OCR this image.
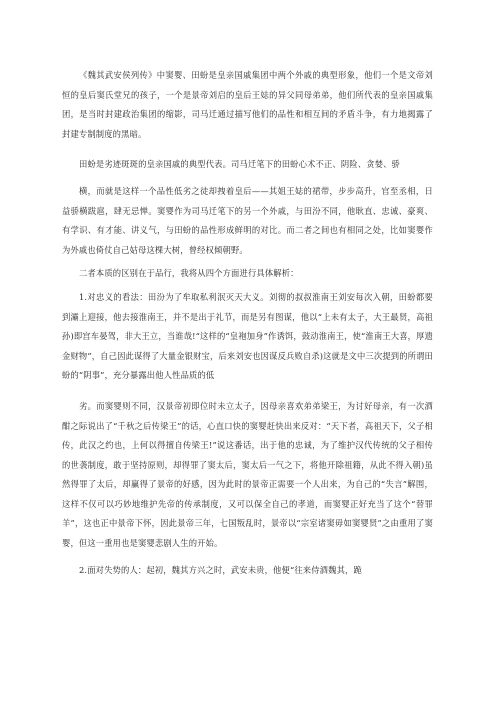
《魏其武安侯列传》中窦婴、田蚡是皇亲国戚集团中两个外戚的典型形象，他们一个是文帝刘恒的皇后窦氏堂兄的孩子，一个是景帝刘启的皇后王娡的异父同母弟弟，他们所代表的皇亲国戚集团，是当时封建政治集团的缩影，司马迁通过描写他们的品性和相互间的矛盾斗争，有力地揭露了封建专制制度的黑暗。

田蚡是劣迹斑斑的皇亲国戚的典型代表。司马迁笔下的田蚡心术不正、阴险、贪婪、骄

横，而就是这样一个品性低劣之徒却拽着皇后——其姐王娡的裙带，步步高升，官至丞相，日益骄横跋扈，肆无忌惮。窦婴作为司马迁笔下的另一个外戚，与田汾不同，他耿直、忠诚、豪爽、有学识、有才能、讲义气，与田蚡的品性形成鲜明的对比。而二者之间也有相同之处，比如窦婴作为外戚也倚仗自己姑母这棵大树，曾经权倾朝野。

二者本质的区别在于品行，我将从四个方面进行具体解析：

1.对忠义的看法：田汾为了牟取私利泯灭天大义。刘彻的叔叔淮南王刘安每次入朝，田蚡都要到灞上迎接，他去接淮南王，并不是出于礼节，而是另有图谋，他以“上未有太子，大王最贤，高祖孙)即宫车晏驾，非大王立，当谁哉!“这样的“皇袍加身”作诱饵，鼓动淮南王，使“淮南王大喜，厚遗金财物”，自己因此谋得了大量金银财宝，后来刘安也因谋反兵败自杀)这就是文中三次提到的所谓田蚡的“阴事”，充分暴露出他人性品质的低

劣。而窦婴则不同，汉景帝初即位时未立太子，因母亲喜欢弟弟梁王，为讨好母亲，有一次酒酣之际说出了“千秋之后传梁王”的话，心直口快的窦婴赶快出来反对：“天下者，高祖天下，父子相传，此汉之约也，上何以得擅自传梁王!”说这番话，出于他的忠诚，为了维护汉代传统的父子相传的世袭制度，敢于坚持原则，却得罪了窦太后，窦太后一气之下，将他开除祖籍，从此不得入朝)虽然得罪了太后，却赢得了景帝的好感，因为此时的景帝正需要一个人出来，为自己的“失言”解围，这样不仅可以巧妙地维护先帝的传承制度，又可以保全自己的孝道，而窦婴正好充当了这个“替罪羊”，这也正中景帝下怀，因此景帝三年，七国叛乱时，景帝以“宗室诸窦毋如窦婴贤”之由重用了窦婴，但这一重用也是窦婴悲剧人生的开始。

2.面对失势的人：起初，魏其方兴之时，武安未贵，他便“往来侍酒魏其，跪
